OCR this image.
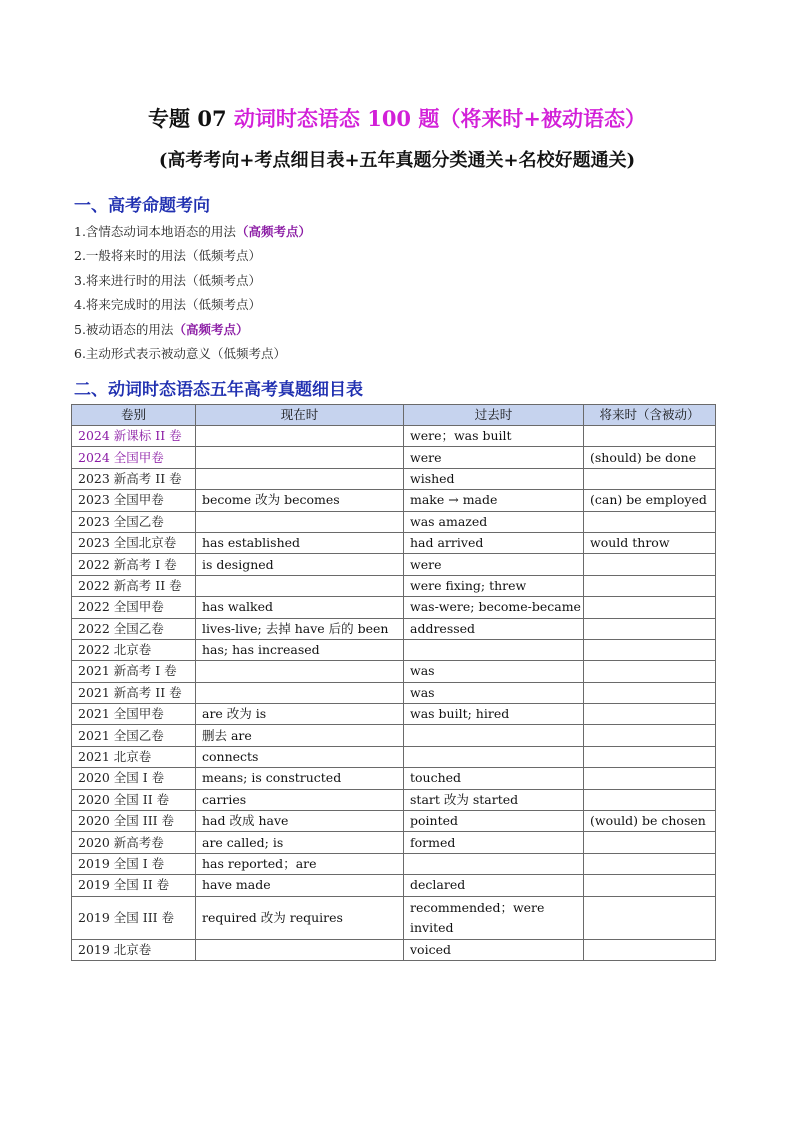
专题 07 动词时态语态 100 题（将来时+被动语态）
(高考考向+考点细目表+五年真题分类通关+名校好题通关)
一、高考命题考向
1.含情态动词本地语态的用法（高频考点）
2.一般将来时的用法（低频考点）
3.将来进行时的用法（低频考点）
4.将来完成时的用法（低频考点）
5.被动语态的用法（高频考点）
6.主动形式表示被动意义（低频考点）
二、动词时态语态五年高考真题细目表
卷别	现在时	过去时	将来时（含被动）
2024 新课标 II 卷		were；was built	
2024 全国甲卷		were	(should) be done
2023 新高考 II 卷		wished	
2023 全国甲卷	become 改为 becomes	make → made	(can) be employed
2023 全国乙卷		was amazed	
2023 全国北京卷	has established	had arrived	would throw
2022 新高考 I 卷	is designed	were	
2022 新高考 II 卷		were fixing; threw	
2022 全国甲卷	has walked	was-were; become-became	
2022 全国乙卷	lives-live; 去掉 have 后的 been	addressed	
2022 北京卷	has; has increased		
2021 新高考 I 卷		was	
2021 新高考 II 卷		was	
2021 全国甲卷	are 改为 is	was built; hired	
2021 全国乙卷	删去 are		
2021 北京卷	connects		
2020 全国 I 卷	means; is constructed	touched	
2020 全国 II 卷	carries	start 改为 started	
2020 全国 III 卷	had 改成 have	pointed	(would) be chosen
2020 新高考卷	are called; is	formed	
2019 全国 I 卷	has reported；are		
2019 全国 II 卷	have made	declared	
2019 全国 III 卷	required 改为 requires	recommended；were invited	
2019 北京卷		voiced	
